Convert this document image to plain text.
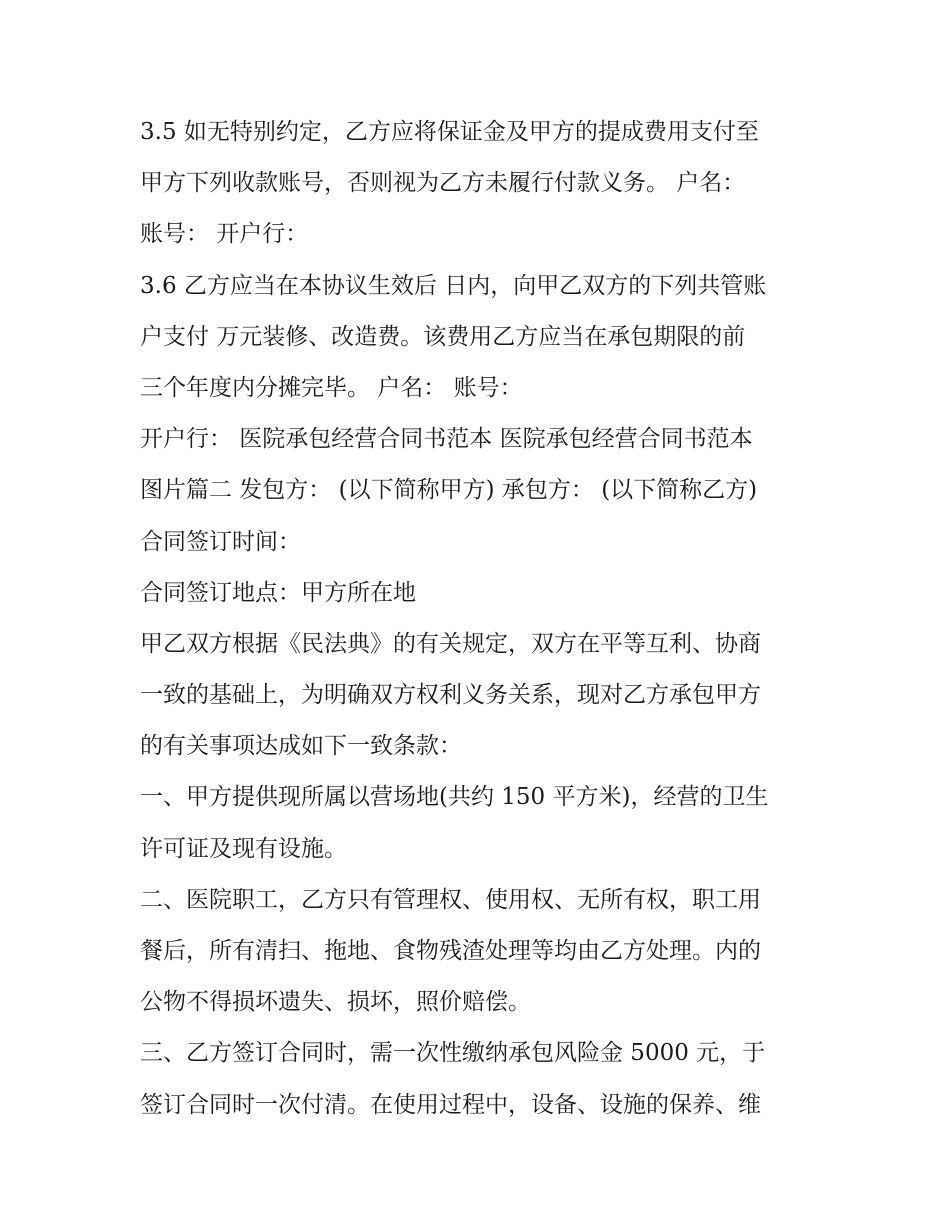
3.5 如无特别约定，乙方应将保证金及甲方的提成费用支付至
甲方下列收款账号，否则视为乙方未履行付款义务。 户名：
账号： 开户行：
3.6 乙方应当在本协议生效后 日内，向甲乙双方的下列共管账
户支付 万元装修、改造费。该费用乙方应当在承包期限的前
三个年度内分摊完毕。 户名： 账号：
开户行： 医院承包经营合同书范本 医院承包经营合同书范本
图片篇二 发包方： (以下简称甲方) 承包方： (以下简称乙方)
合同签订时间：
合同签订地点：甲方所在地
甲乙双方根据《民法典》的有关规定，双方在平等互利、协商
一致的基础上，为明确双方权利义务关系，现对乙方承包甲方
的有关事项达成如下一致条款：
一、甲方提供现所属以营场地(共约 150 平方米)，经营的卫生
许可证及现有设施。
二、医院职工，乙方只有管理权、使用权、无所有权，职工用
餐后，所有清扫、拖地、食物残渣处理等均由乙方处理。内的
公物不得损坏遗失、损坏，照价赔偿。
三、乙方签订合同时，需一次性缴纳承包风险金 5000 元，于
签订合同时一次付清。在使用过程中，设备、设施的保养、维
